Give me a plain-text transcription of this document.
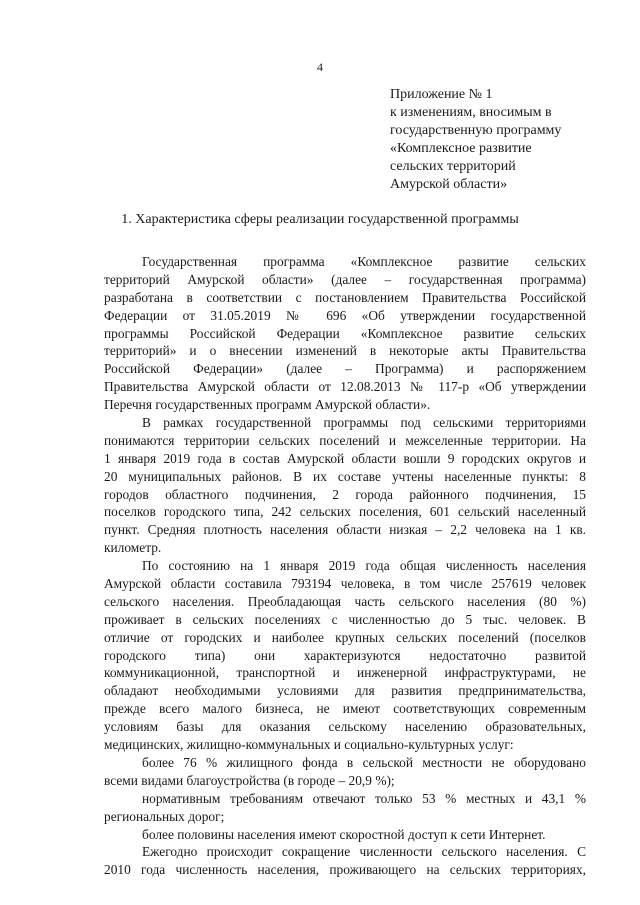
4
Приложение № 1
к изменениям, вносимым в
государственную программу
«Комплексное развитие
сельских территорий
Амурской области»
1. Характеристика сферы реализации государственной программы
Государственная программа «Комплексное развитие сельских
территорий Амурской области» (далее – государственная программа)
разработана в соответствии с постановлением Правительства Российской
Федерации от 31.05.2019 № 696 «Об утверждении государственной
программы Российской Федерации «Комплексное развитие сельских
территорий» и о внесении изменений в некоторые акты Правительства
Российской Федерации» (далее – Программа) и распоряжением
Правительства Амурской области от 12.08.2013 № 117-р «Об утверждении
Перечня государственных программ Амурской области».
В рамках государственной программы под сельскими территориями
понимаются территории сельских поселений и межселенные территории. На
1 января 2019 года в состав Амурской области вошли 9 городских округов и
20 муниципальных районов. В их составе учтены населенные пункты: 8
городов областного подчинения, 2 города районного подчинения, 15
поселков городского типа, 242 сельских поселения, 601 сельский населенный
пункт. Средняя плотность населения области низкая – 2,2 человека на 1 кв.
километр.
По состоянию на 1 января 2019 года общая численность населения
Амурской области составила 793194 человека, в том числе 257619 человек
сельского населения. Преобладающая часть сельского населения (80 %)
проживает в сельских поселениях с численностью до 5 тыс. человек. В
отличие от городских и наиболее крупных сельских поселений (поселков
городского типа) они характеризуются недостаточно развитой
коммуникационной, транспортной и инженерной инфраструктурами, не
обладают необходимыми условиями для развития предпринимательства,
прежде всего малого бизнеса, не имеют соответствующих современным
условиям базы для оказания сельскому населению образовательных,
медицинских, жилищно-коммунальных и социально-культурных услуг:
более 76 % жилищного фонда в сельской местности не оборудовано
всеми видами благоустройства (в городе – 20,9 %);
нормативным требованиям отвечают только 53 % местных и 43,1 %
региональных дорог;
более половины населения имеют скоростной доступ к сети Интернет.
Ежегодно происходит сокращение численности сельского населения. С
2010 года численность населения, проживающего на сельских территориях,
